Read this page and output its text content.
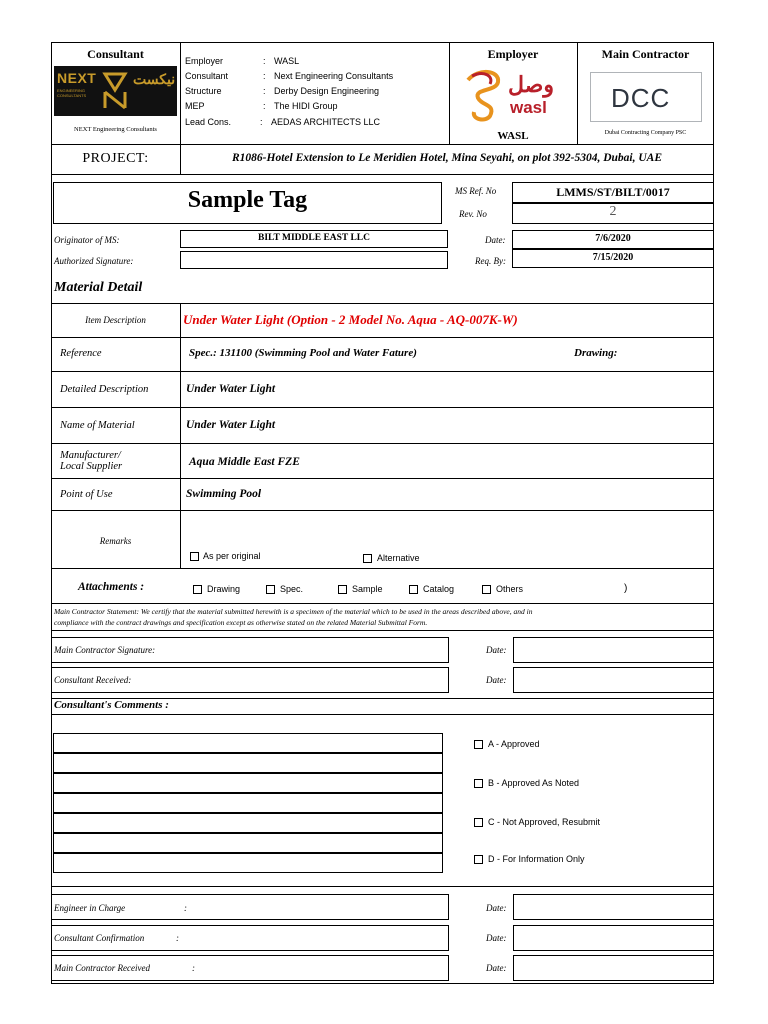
Consultant
NEXT
ENGINEERING CONSULTANTS
نيكست
NEXT Engineering Consultants
Employer	: WASL
Consultant	: Next Engineering Consultants
Structure	: Derby Design Engineering
MEP	: The HIDI Group
Lead Cons.	: AEDAS ARCHITECTS LLC
Employer
وصل
wasl
WASL
Main Contractor
DCC
Dubai Contracting Company PSC
PROJECT:	R1086-Hotel Extension to Le Meridien Hotel, Mina Seyahi, on plot 392-5304, Dubai, UAE
Sample Tag	MS Ref. No	LMMS/ST/BILT/0017
Rev. No	2
Originator of MS:	BILT MIDDLE EAST LLC	Date:	7/6/2020
Authorized Signature:	Req. By:	7/15/2020
Material Detail
Item Description	Under Water Light (Option - 2 Model No. Aqua - AQ-007K-W)
Reference	Spec.: 131100 (Swimming Pool and Water Fature)	Drawing:
Detailed Description	Under Water Light
Name of Material	Under Water Light
Manufacturer/
Local Supplier	Aqua Middle East FZE
Point of Use	Swimming Pool
Remarks
As per original	Alternative
Attachments :	Drawing	Spec.	Sample	Catalog	Others	)
Main Contractor Statement: We certify that the material submitted herewith is a specimen of the material which to be used in the areas described above, and in
compliance with the contract drawings and specification except as otherwise stated on the related Material Submittal Form.
Main Contractor Signature:	Date:
Consultant Received:	Date:
Consultant's Comments :
A - Approved
B - Approved As Noted
C - Not Approved, Resubmit
D - For Information Only
Engineer in Charge	:	Date:
Consultant Confirmation	:	Date:
Main Contractor Received	:	Date:
